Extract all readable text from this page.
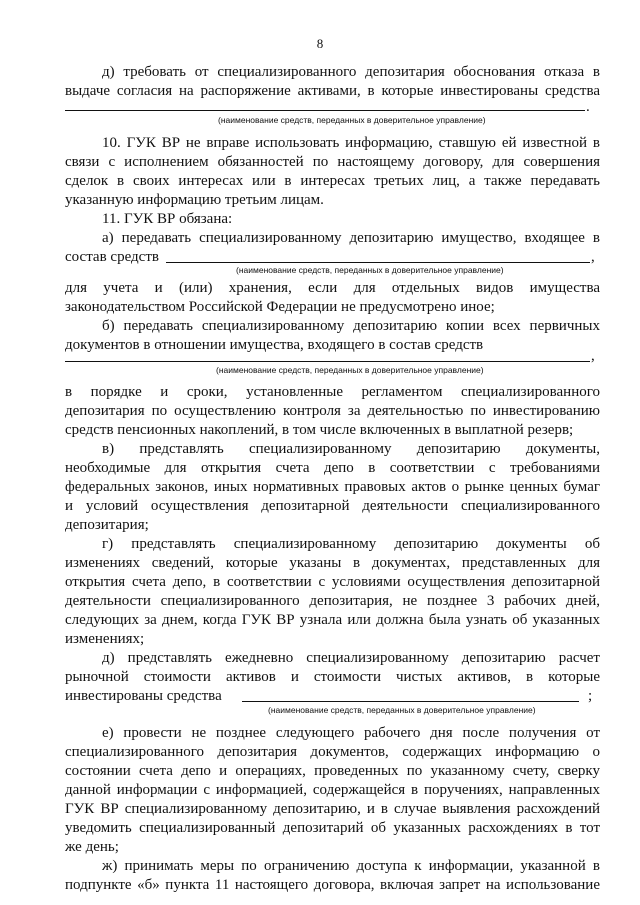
8
д) требовать от специализированного депозитария обоснования отказа в
выдаче согласия на распоряжение активами, в которые инвестированы средства
.
(наименование средств, переданных в доверительное управление)
10. ГУК ВР не вправе использовать информацию, ставшую ей известной в
связи с исполнением обязанностей по настоящему договору, для совершения
сделок в своих интересах или в интересах третьих лиц, а также передавать
указанную информацию третьим лицам.
11. ГУК ВР обязана:
а) передавать специализированному депозитарию имущество, входящее в
состав средств	,
(наименование средств, переданных в доверительное управление)
для учета и (или) хранения, если для отдельных видов имущества
законодательством Российской Федерации не предусмотрено иное;
б) передавать специализированному депозитарию копии всех первичных
документов в отношении имущества, входящего в состав средств
,
(наименование средств, переданных в доверительное управление)
в порядке и сроки, установленные регламентом специализированного
депозитария по осуществлению контроля за деятельностью по инвестированию
средств пенсионных накоплений, в том числе включенных в выплатной резерв;
в) представлять специализированному депозитарию документы,
необходимые для открытия счета депо в соответствии с требованиями
федеральных законов, иных нормативных правовых актов о рынке ценных бумаг
и условий осуществления депозитарной деятельности специализированного
депозитария;
г) представлять специализированному депозитарию документы об
изменениях сведений, которые указаны в документах, представленных для
открытия счета депо, в соответствии с условиями осуществления депозитарной
деятельности специализированного депозитария, не позднее 3 рабочих дней,
следующих за днем, когда ГУК ВР узнала или должна была узнать об указанных
изменениях;
д) представлять ежедневно специализированному депозитарию расчет
рыночной стоимости активов и стоимости чистых активов, в которые
инвестированы средства	;
(наименование средств, переданных в доверительное управление)
е) провести не позднее следующего рабочего дня после получения от
специализированного депозитария документов, содержащих информацию о
состоянии счета депо и операциях, проведенных по указанному счету, сверку
данной информации с информацией, содержащейся в поручениях, направленных
ГУК ВР специализированному депозитарию, и в случае выявления расхождений
уведомить специализированный депозитарий об указанных расхождениях в тот
же день;
ж) принимать меры по ограничению доступа к информации, указанной в
подпункте «б» пункта 11 настоящего договора, включая запрет на использование
